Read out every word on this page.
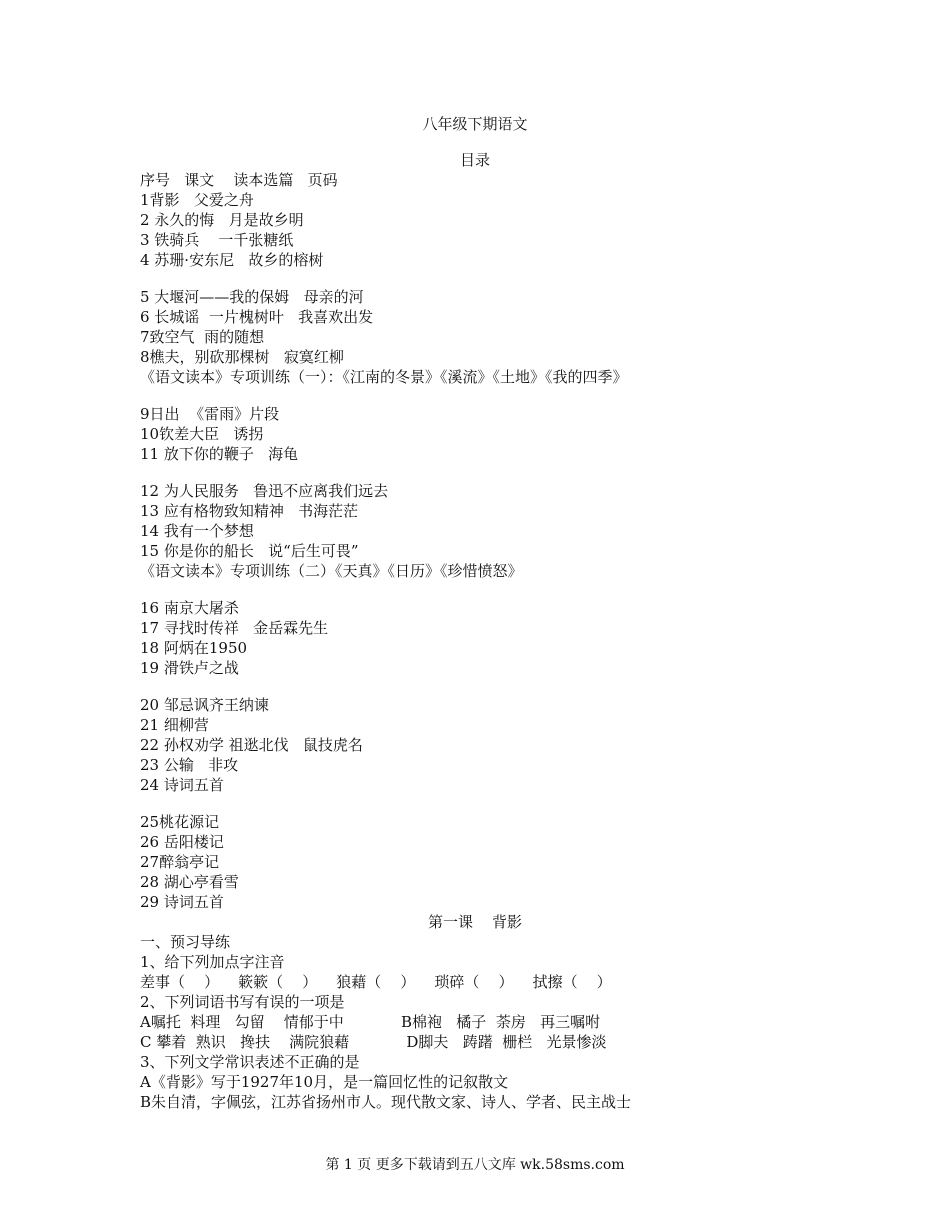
八年级下期语文
目录
序号   课文    读本选篇   页码
1背影   父爱之舟
2 永久的悔   月是故乡明
3 铁骑兵    一千张糖纸
4 苏珊·安东尼   故乡的榕树
5 大堰河——我的保姆   母亲的河
6 长城谣  一片槐树叶   我喜欢出发
7致空气  雨的随想
8樵夫，别砍那棵树   寂寞红柳
《语文读本》专项训练（一）：《江南的冬景》《溪流》《土地》《我的四季》
9日出  《雷雨》片段
10钦差大臣   诱拐
11 放下你的鞭子   海龟
12 为人民服务   鲁迅不应离我们远去
13 应有格物致知精神   书海茫茫
14 我有一个梦想
15 你是你的船长   说“后生可畏”
《语文读本》专项训练（二）《天真》《日历》《珍惜愤怒》
16 南京大屠杀
17 寻找时传祥   金岳霖先生
18 阿炳在1950
19 滑铁卢之战
20 邹忌讽齐王纳谏
21 细柳营
22 孙权劝学 祖逖北伐   鼠技虎名
23 公输   非攻
24 诗词五首
25桃花源记
26 岳阳楼记
27醉翁亭记
28 湖心亭看雪
29 诗词五首
第一课    背影
一、预习导练
1、给下列加点字注音
差事（    ）    簌簌（    ）    狼藉（    ）    琐碎（    ）    拭擦（    ）
2、下列词语书写有误的一项是
A嘱托  料理   勾留    情郁于中            B棉袍   橘子  荼房   再三嘱咐
C 攀着  熟识   搀扶    满院狼藉            D脚夫   踌躇  栅栏   光景惨淡
3、下列文学常识表述不正确的是
A《背影》写于1927年10月，是一篇回忆性的记叙散文
B朱自清，字佩弦，江苏省扬州市人。现代散文家、诗人、学者、民主战士
第 1 页 更多下载请到五八文库 wk.58sms.com
